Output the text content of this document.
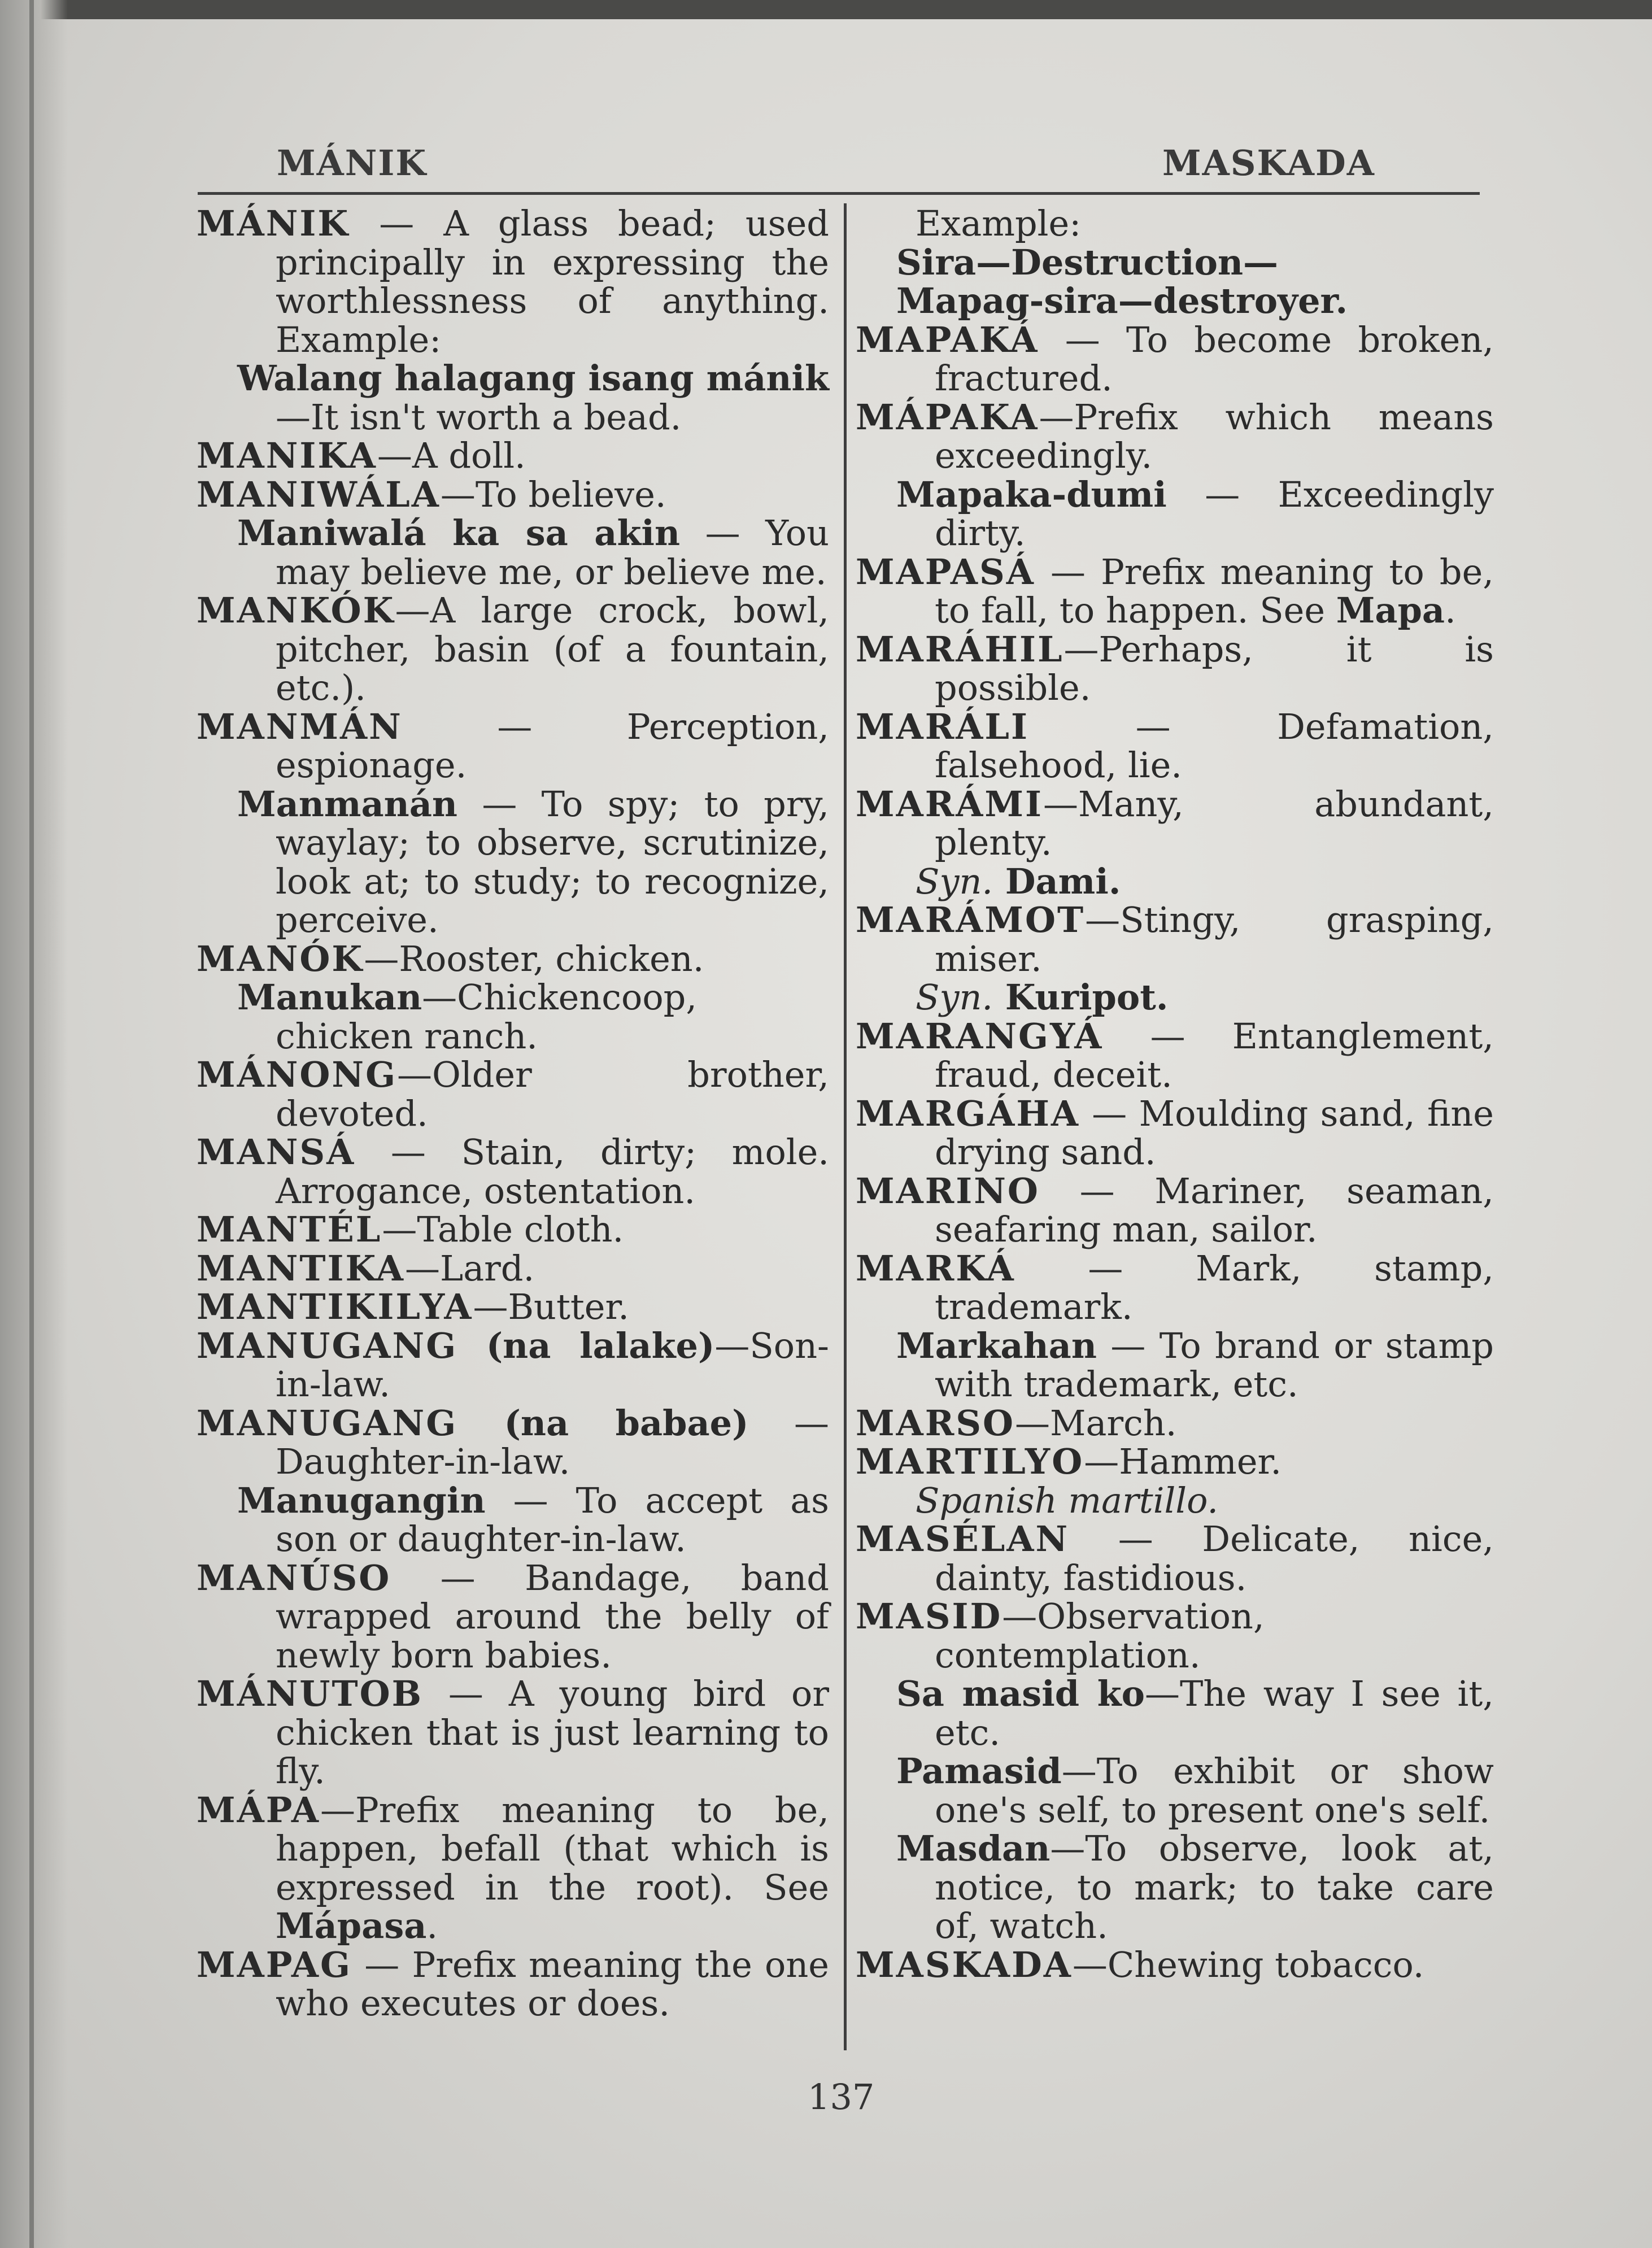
MÁNIK	MASKADA

MÁNIK — A glass bead; used principally in expressing the worthlessness of anything. Example:

Walang halagang isang mánik—It isn't worth a bead.

MANIKA—A doll.

MANIWÁLA—To believe.

Maniwalá ka sa akin — You may believe me, or believe me.

MANKÓK—A large crock, bowl, pitcher, basin (of a fountain, etc.).

MANMÁN — Perception, espionage.

Manmanán — To spy; to pry, waylay; to observe, scrutinize, look at; to study; to recognize, perceive.

MANÓK—Rooster, chicken.

Manukan—Chickencoop, chicken ranch.

MÁNONG—Older brother, devoted.

MANSÁ — Stain, dirty; mole. Arrogance, ostentation.

MANTÉL—Table cloth.

MANTIKA—Lard.

MANTIKILYA—Butter.

MANUGANG (na lalake)—Son-in-law.

MANUGANG (na babae) — Daughter-in-law.

Manugangin — To accept as son or daughter-in-law.

MANÚSO — Bandage, band wrapped around the belly of newly born babies.

MÁNUTOB — A young bird or chicken that is just learning to fly.

MÁPA—Prefix meaning to be, happen, befall (that which is expressed in the root). See Mápasa.

MAPAG — Prefix meaning the one who executes or does.

Example:

Sira—Destruction—

Mapag-sira—destroyer.

MAPAKÁ — To become broken, fractured.

MÁPAKA—Prefix which means exceedingly.

Mapaka-dumi — Exceedingly dirty.

MAPASÁ — Prefix meaning to be, to fall, to happen. See Mapa.

MARÁHIL—Perhaps, it is possible.

MARÁLI — Defamation, falsehood, lie.

MARÁMI—Many, abundant, plenty.

Syn. Dami.

MARÁMOT—Stingy, grasping, miser.

Syn. Kuripot.

MARANGYÁ — Entanglement, fraud, deceit.

MARGÁHA — Moulding sand, fine drying sand.

MARINO — Mariner, seaman, seafaring man, sailor.

MARKÁ — Mark, stamp, trademark.

Markahan — To brand or stamp with trademark, etc.

MARSO—March.

MARTILYO—Hammer.

Spanish martillo.

MASÉLAN — Delicate, nice, dainty, fastidious.

MASID—Observation, contemplation.

Sa masid ko—The way I see it, etc.

Pamasid—To exhibit or show one's self, to present one's self.

Masdan—To observe, look at, notice, to mark; to take care of, watch.

MASKADA—Chewing tobacco.

137
